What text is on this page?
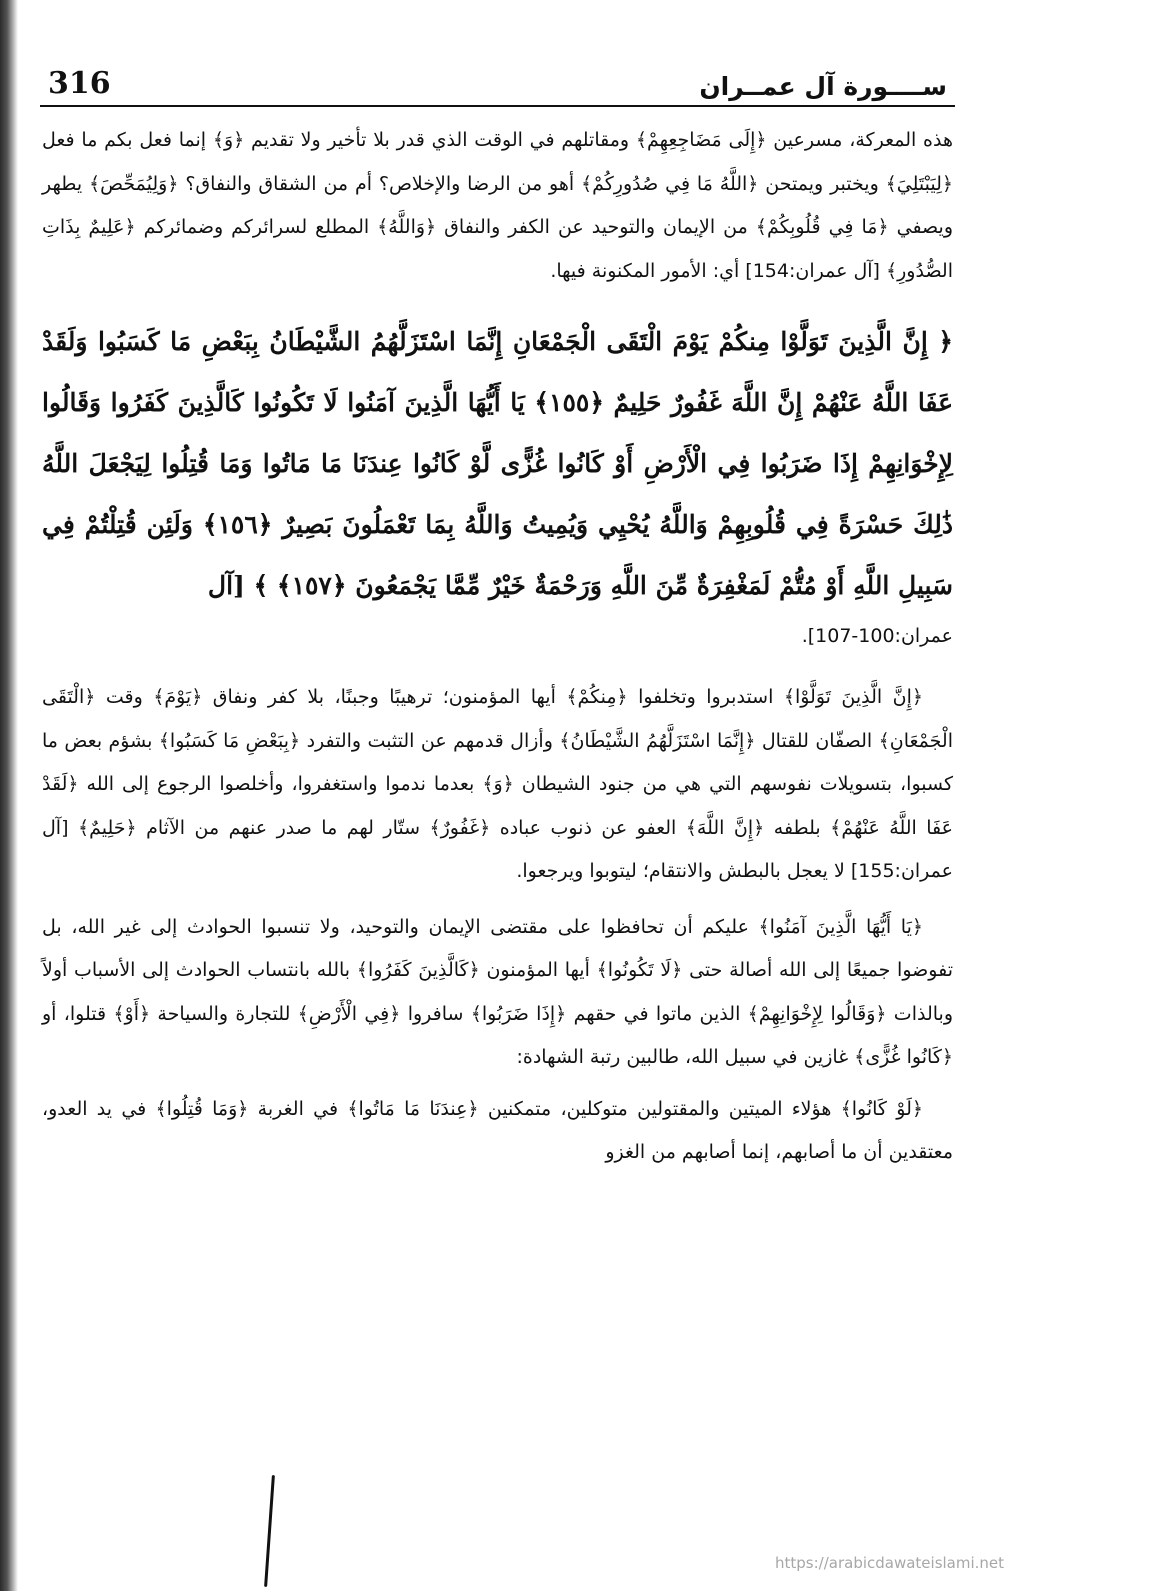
ســــورة آل عمــران
316

هذه المعركة، مسرعين ﴿إِلَى مَضَاجِعِهِمْ﴾ ومقاتلهم في الوقت الذي قدر بلا تأخير ولا تقديم ﴿وَ﴾ إنما فعل بكم ما فعل ﴿لِيَبْتَلِيَ﴾ ويختبر ويمتحن ﴿اللَّهُ مَا فِي صُدُورِكُمْ﴾ أهو من الرضا والإخلاص؟ أم من الشقاق والنفاق؟ ﴿وَلِيُمَحِّصَ﴾ يطهر ويصفي ﴿مَا فِي قُلُوبِكُمْ﴾ من الإيمان والتوحيد عن الكفر والنفاق ﴿وَاللَّهُ﴾ المطلع لسرائركم وضمائركم ﴿عَلِيمٌ بِذَاتِ الصُّدُورِ﴾ [آل عمران:154] أي: الأمور المكنونة فيها.

﴿ إِنَّ الَّذِينَ تَوَلَّوْا مِنكُمْ يَوْمَ الْتَقَى الْجَمْعَانِ إِنَّمَا اسْتَزَلَّهُمُ الشَّيْطَانُ بِبَعْضِ مَا كَسَبُوا وَلَقَدْ عَفَا اللَّهُ عَنْهُمْ إِنَّ اللَّهَ غَفُورٌ حَلِيمٌ ﴿١٥٥﴾ يَا أَيُّهَا الَّذِينَ آمَنُوا لَا تَكُونُوا كَالَّذِينَ كَفَرُوا وَقَالُوا لِإِخْوَانِهِمْ إِذَا ضَرَبُوا فِي الْأَرْضِ أَوْ كَانُوا غُزًّى لَّوْ كَانُوا عِندَنَا مَا مَاتُوا وَمَا قُتِلُوا لِيَجْعَلَ اللَّهُ ذَٰلِكَ حَسْرَةً فِي قُلُوبِهِمْ وَاللَّهُ يُحْيِي وَيُمِيتُ وَاللَّهُ بِمَا تَعْمَلُونَ بَصِيرٌ ﴿١٥٦﴾ وَلَئِن قُتِلْتُمْ فِي سَبِيلِ اللَّهِ أَوْ مُتُّمْ لَمَغْفِرَةٌ مِّنَ اللَّهِ وَرَحْمَةٌ خَيْرٌ مِّمَّا يَجْمَعُونَ ﴿١٥٧﴾ ﴾ [آل

عمران:100-107].

﴿إِنَّ الَّذِينَ تَوَلَّوْا﴾ استدبروا وتخلفوا ﴿مِنكُمْ﴾ أيها المؤمنون؛ ترهيبًا وجبنًا، بلا كفر ونفاق ﴿يَوْمَ﴾ وقت ﴿الْتَقَى الْجَمْعَانِ﴾ الصفّان للقتال ﴿إِنَّمَا اسْتَزَلَّهُمُ الشَّيْطَانُ﴾ وأزال قدمهم عن التثبت والتفرد ﴿بِبَعْضِ مَا كَسَبُوا﴾ بشؤم بعض ما كسبوا، بتسويلات نفوسهم التي هي من جنود الشيطان ﴿وَ﴾ بعدما ندموا واستغفروا، وأخلصوا الرجوع إلى الله ﴿لَقَدْ عَفَا اللَّهُ عَنْهُمْ﴾ بلطفه ﴿إِنَّ اللَّهَ﴾ العفو عن ذنوب عباده ﴿غَفُورٌ﴾ ستّار لهم ما صدر عنهم من الآثام ﴿حَلِيمٌ﴾ [آل عمران:155] لا يعجل بالبطش والانتقام؛ ليتوبوا ويرجعوا.

﴿يَا أَيُّهَا الَّذِينَ آمَنُوا﴾ عليكم أن تحافظوا على مقتضى الإيمان والتوحيد، ولا تنسبوا الحوادث إلى غير الله، بل تفوضوا جميعًا إلى الله أصالة حتى ﴿لَا تَكُونُوا﴾ أيها المؤمنون ﴿كَالَّذِينَ كَفَرُوا﴾ بالله بانتساب الحوادث إلى الأسباب أولاً وبالذات ﴿وَقَالُوا لِإِخْوَانِهِمْ﴾ الذين ماتوا في حقهم ﴿إِذَا ضَرَبُوا﴾ سافروا ﴿فِي الْأَرْضِ﴾ للتجارة والسياحة ﴿أَوْ﴾ قتلوا، أو ﴿كَانُوا غُزًّى﴾ غازين في سبيل الله، طالبين رتبة الشهادة:

﴿لَوْ كَانُوا﴾ هؤلاء الميتين والمقتولين متوكلين، متمكنين ﴿عِندَنَا مَا مَاتُوا﴾ في الغربة ﴿وَمَا قُتِلُوا﴾ في يد العدو، معتقدين أن ما أصابهم، إنما أصابهم من الغزو

https://arabicdawateislami.net
